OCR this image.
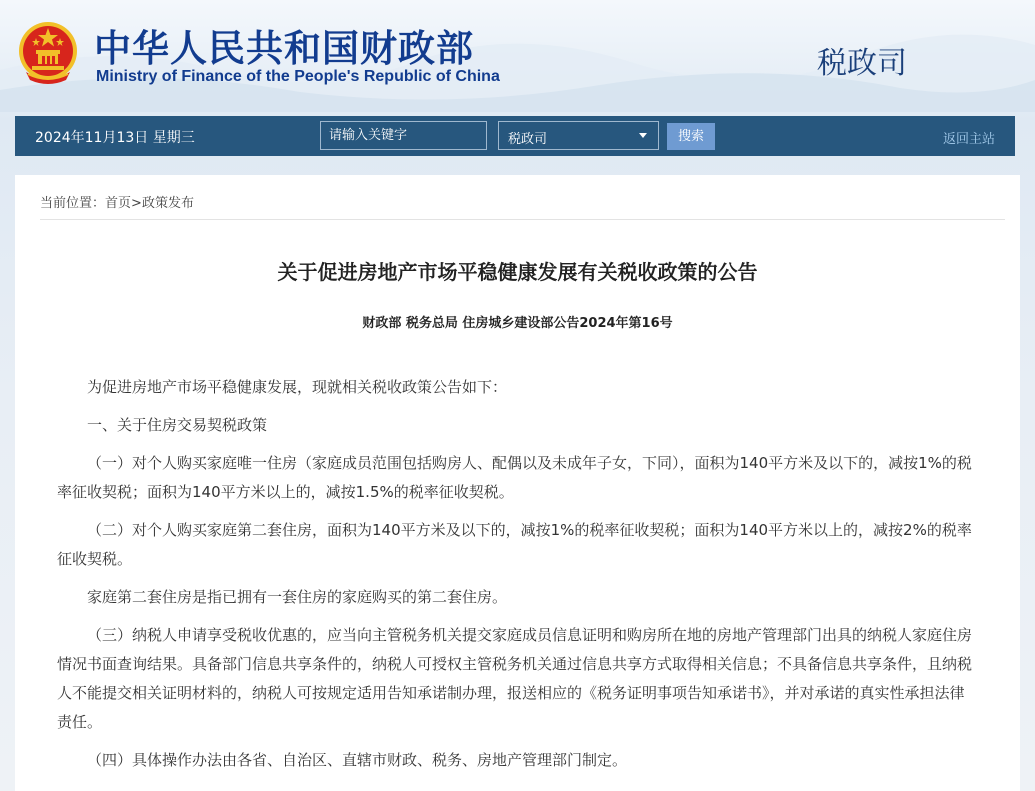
中华人民共和国财政部
Ministry of Finance of the People's Republic of China	税政司
2024年11月13日 星期三
请输入关键字	税政司	搜索	返回主站
当前位置：首页>政策发布
关于促进房地产市场平稳健康发展有关税收政策的公告
财政部 税务总局 住房城乡建设部公告2024年第16号

为促进房地产市场平稳健康发展，现就相关税收政策公告如下：

一、关于住房交易契税政策

（一）对个人购买家庭唯一住房（家庭成员范围包括购房人、配偶以及未成年子女，下同），面积为140平方米及以下的，减按1%的税率征收契税；面积为140平方米以上的，减按1.5%的税率征收契税。

（二）对个人购买家庭第二套住房，面积为140平方米及以下的，减按1%的税率征收契税；面积为140平方米以上的，减按2%的税率征收契税。

家庭第二套住房是指已拥有一套住房的家庭购买的第二套住房。

（三）纳税人申请享受税收优惠的，应当向主管税务机关提交家庭成员信息证明和购房所在地的房地产管理部门出具的纳税人家庭住房情况书面查询结果。具备部门信息共享条件的，纳税人可授权主管税务机关通过信息共享方式取得相关信息；不具备信息共享条件，且纳税人不能提交相关证明材料的，纳税人可按规定适用告知承诺制办理，报送相应的《税务证明事项告知承诺书》，并对承诺的真实性承担法律责任。

（四）具体操作办法由各省、自治区、直辖市财政、税务、房地产管理部门制定。
